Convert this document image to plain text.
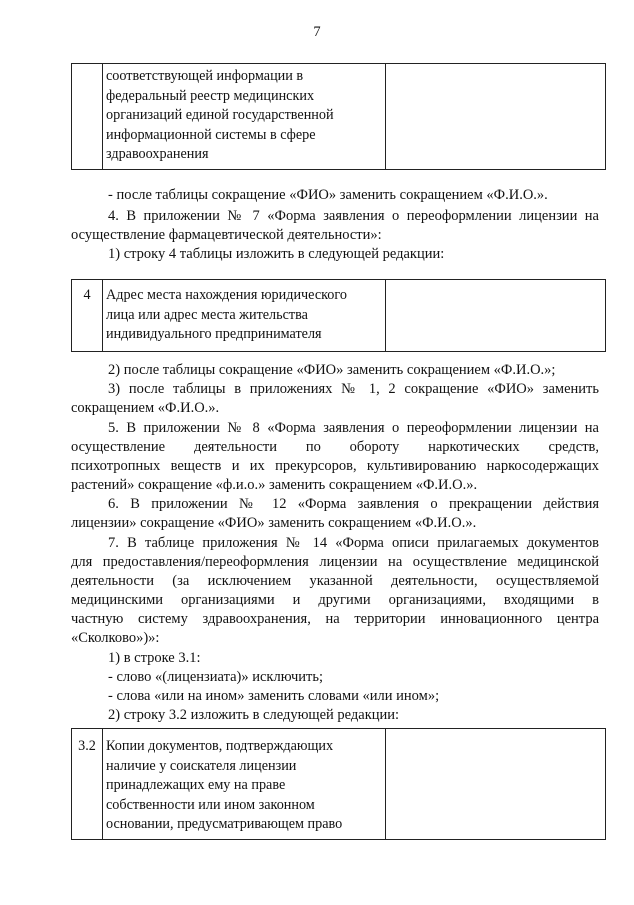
7

соответствующей информации в
федеральный реестр медицинских
организаций единой государственной
информационной системы в сфере
здравоохранения

- после таблицы сокращение «ФИО» заменить сокращением «Ф.И.О.».

4. В приложении № 7 «Форма заявления о переоформлении лицензии на

осуществление фармацевтической деятельности»:

1) строку 4 таблицы изложить в следующей редакции:

4	Адрес места нахождения юридического
лица или адрес места жительства
индивидуального предпринимателя

2) после таблицы сокращение «ФИО» заменить сокращением «Ф.И.О.»;

3) после таблицы в приложениях № 1, 2 сокращение «ФИО» заменить

сокращением «Ф.И.О.».

5. В приложении № 8 «Форма заявления о переоформлении лицензии на

осуществление деятельности по обороту наркотических средств,

психотропных веществ и их прекурсоров, культивированию наркосодержащих

растений» сокращение «ф.и.о.» заменить сокращением «Ф.И.О.».

6. В приложении № 12 «Форма заявления о прекращении действия

лицензии» сокращение «ФИО» заменить сокращением «Ф.И.О.».

7. В таблице приложения № 14 «Форма описи прилагаемых документов

для предоставления/переоформления лицензии на осуществление медицинской

деятельности (за исключением указанной деятельности, осуществляемой

медицинскими организациями и другими организациями, входящими в

частную систему здравоохранения, на территории инновационного центра

«Сколково»)»:

1) в строке 3.1:

- слово «(лицензиата)» исключить;

- слова «или на ином» заменить словами «или ином»;

2) строку 3.2 изложить в следующей редакции:

3.2	Копии документов, подтверждающих
наличие у соискателя лицензии
принадлежащих ему на праве
собственности или ином законном
основании, предусматривающем право
